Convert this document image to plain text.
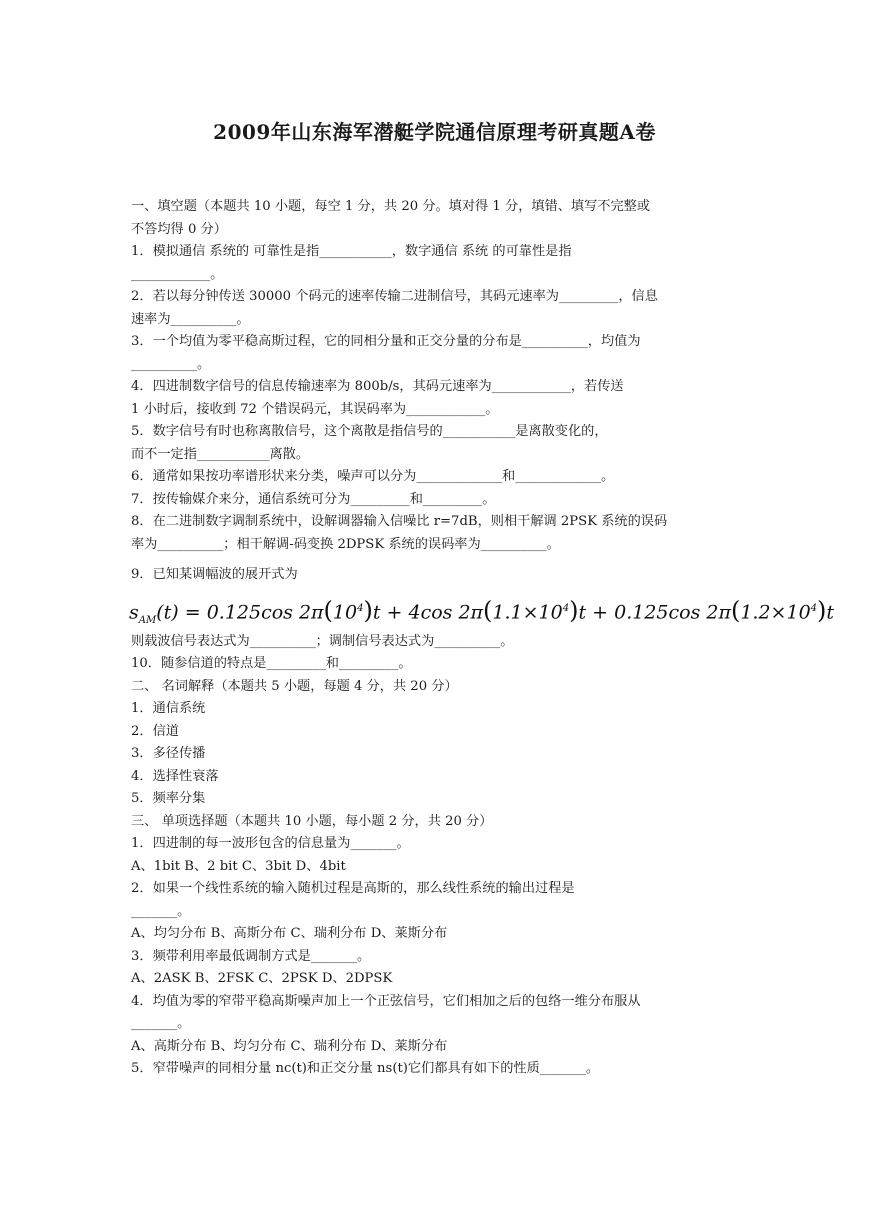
2009年山东海军潜艇学院通信原理考研真题A卷
一、填空题（本题共 10 小题，每空 1 分，共 20 分。填对得 1 分，填错、填写不完整或
不答均得 0 分）
1．模拟通信 系统的 可靠性是指___________，数字通信 系统 的可靠性是指
____________。
2．若以每分钟传送 30000 个码元的速率传输二进制信号，其码元速率为_________，信息
速率为__________。
3．一个均值为零平稳高斯过程，它的同相分量和正交分量的分布是__________，均值为
__________。
4．四进制数字信号的信息传输速率为 800b/s，其码元速率为____________，若传送
1 小时后，接收到 72 个错误码元，其误码率为____________。
5．数字信号有时也称离散信号，这个离散是指信号的___________是离散变化的，
而不一定指___________离散。
6．通常如果按功率谱形状来分类，噪声可以分为_____________和_____________。
7．按传输媒介来分，通信系统可分为_________和_________。
8．在二进制数字调制系统中，设解调器输入信噪比 r=7dB，则相干解调 2PSK 系统的误码
率为__________；相干解调-码变换 2DPSK 系统的误码率为__________。
9．已知某调幅波的展开式为
$s_{AM}(t) = 0.125\cos$ $2\pi(10^4)t + 4\cos$ $2\pi(1.1\times 10^4)t + 0.125\cos$ $2\pi(1.2\times 10^4)t$
则载波信号表达式为__________；调制信号表达式为__________。
10．随参信道的特点是_________和_________。
二、 名词解释（本题共 5 小题，每题 4 分，共 20 分）
1．通信系统
2．信道
3．多径传播
4．选择性衰落
5．频率分集
三、 单项选择题（本题共 10 小题，每小题 2 分，共 20 分）
1．四进制的每一波形包含的信息量为_______。
A、1bit B、2 bit C、3bit D、4bit
2．如果一个线性系统的输入随机过程是高斯的，那么线性系统的输出过程是
_______。
A、均匀分布 B、高斯分布 C、瑞利分布 D、莱斯分布
3．频带利用率最低调制方式是_______。
A、2ASK B、2FSK C、2PSK D、2DPSK
4．均值为零的窄带平稳高斯噪声加上一个正弦信号，它们相加之后的包络一维分布服从
_______。
A、高斯分布 B、均匀分布 C、瑞利分布 D、莱斯分布
5．窄带噪声的同相分量 nc(t)和正交分量 ns(t)它们都具有如下的性质_______。
